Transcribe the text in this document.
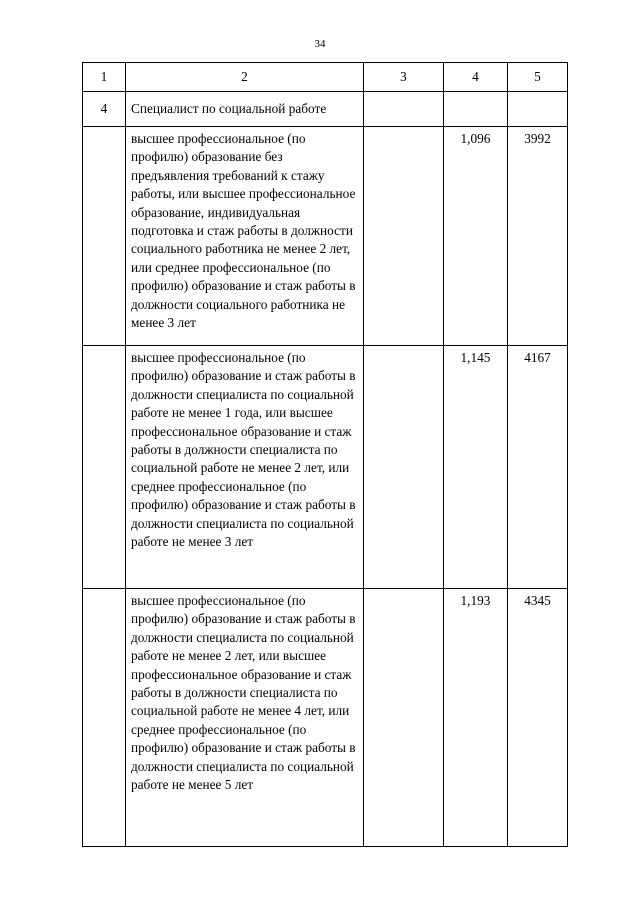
34
1	2	3	4	5
4	Специалист по социальной работе			
	высшее профессиональное (по профилю) образование без предъявления требований к стажу работы, или высшее профессиональное образование, индивидуальная подготовка и стаж работы в должности социального работника не менее 2 лет, или среднее профессиональное (по профилю) образование и стаж работы в должности социального работника не менее 3 лет		1,096	3992
	высшее профессиональное (по профилю) образование и стаж работы в должности специалиста по социальной работе не менее 1 года, или высшее профессиональное образование и стаж работы в должности специалиста по социальной работе не менее 2 лет, или среднее профессиональное (по профилю) образование и стаж работы в должности специалиста по социальной работе не менее 3 лет		1,145	4167
	высшее профессиональное (по профилю) образование и стаж работы в должности специалиста по социальной работе не менее 2 лет, или высшее профессиональное образование и стаж работы в должности специалиста по социальной работе не менее 4 лет, или среднее профессиональное (по профилю) образование и стаж работы в должности специалиста по социальной работе не менее 5 лет		1,193	4345
